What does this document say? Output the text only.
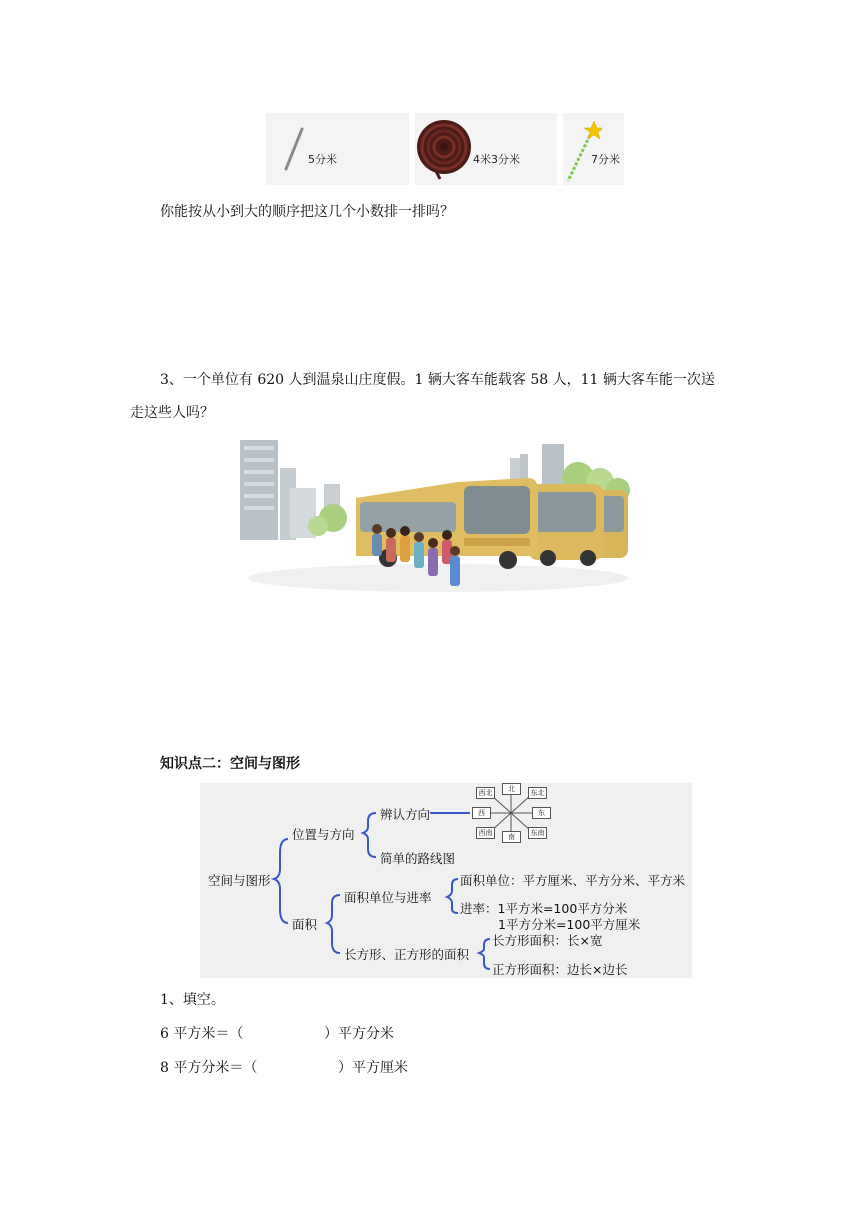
5分米	4米3分米	7分米
你能按从小到大的顺序把这几个小数排一排吗？
3、一个单位有 620 人到温泉山庄度假。1 辆大客车能载客 58 人，11 辆大客车能一次送
走这些人吗？
知识点二：空间与图形
西北	北	东北
西	东
西南	南	东南
空间与图形
位置与方向
辨认方向
简单的路线图
面积
面积单位与进率
面积单位：平方厘米、平方分米、平方米
进率：1平方米=100平方分米
1平方分米=100平方厘米
长方形、正方形的面积
长方形面积：长×宽
正方形面积：边长×边长
1、填空。
6 平方米＝（	）平方分米
8 平方分米＝（	）平方厘米
